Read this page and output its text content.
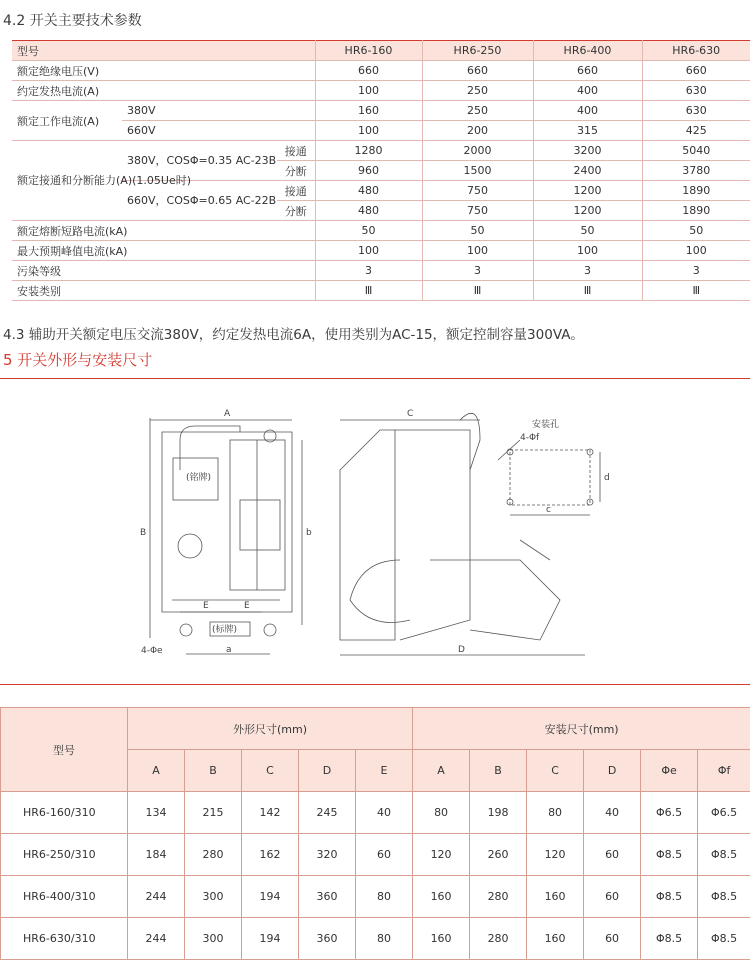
4.2 开关主要技术参数
型号			HR6-160	HR6-250	HR6-400	HR6-630
额定绝缘电压(V)			660	660	660	660
约定发热电流(A)			100	250	400	630
额定工作电流(A)	380V		160	250	400	630
	660V		100	200	315	425
额定接通和分断能力(A)(1.05Ue时)	380V，COSΦ=0.35 AC-23B	接通	1280	2000	3200	5040
		分断	960	1500	2400	3780
	660V，COSΦ=0.65 AC-22B	接通	480	750	1200	1890
		分断	480	750	1200	1890
额定熔断短路电流(kA)			50	50	50	50
最大预期峰值电流(kA)			100	100	100	100
污染等级			3	3	3	3
安装类别			Ⅲ	Ⅲ	Ⅲ	Ⅲ
4.3 辅助开关额定电压交流380V，约定发热电流6A，使用类别为AC-15，额定控制容量300VA。
5 开关外形与安装尺寸
A
B	b
a
E	E
C
D
c
d
(铭牌)
(标牌)
安装孔
4-Φf
4-Φe
型号	外形尺寸(mm)					安装尺寸(mm)					
	A	B	C	D	E	A	B	C	D	Φe	Φf
HR6-160/310	134	215	142	245	40	80	198	80	40	Φ6.5	Φ6.5
HR6-250/310	184	280	162	320	60	120	260	120	60	Φ8.5	Φ8.5
HR6-400/310	244	300	194	360	80	160	280	160	60	Φ8.5	Φ8.5
HR6-630/310	244	300	194	360	80	160	280	160	60	Φ8.5	Φ8.5
